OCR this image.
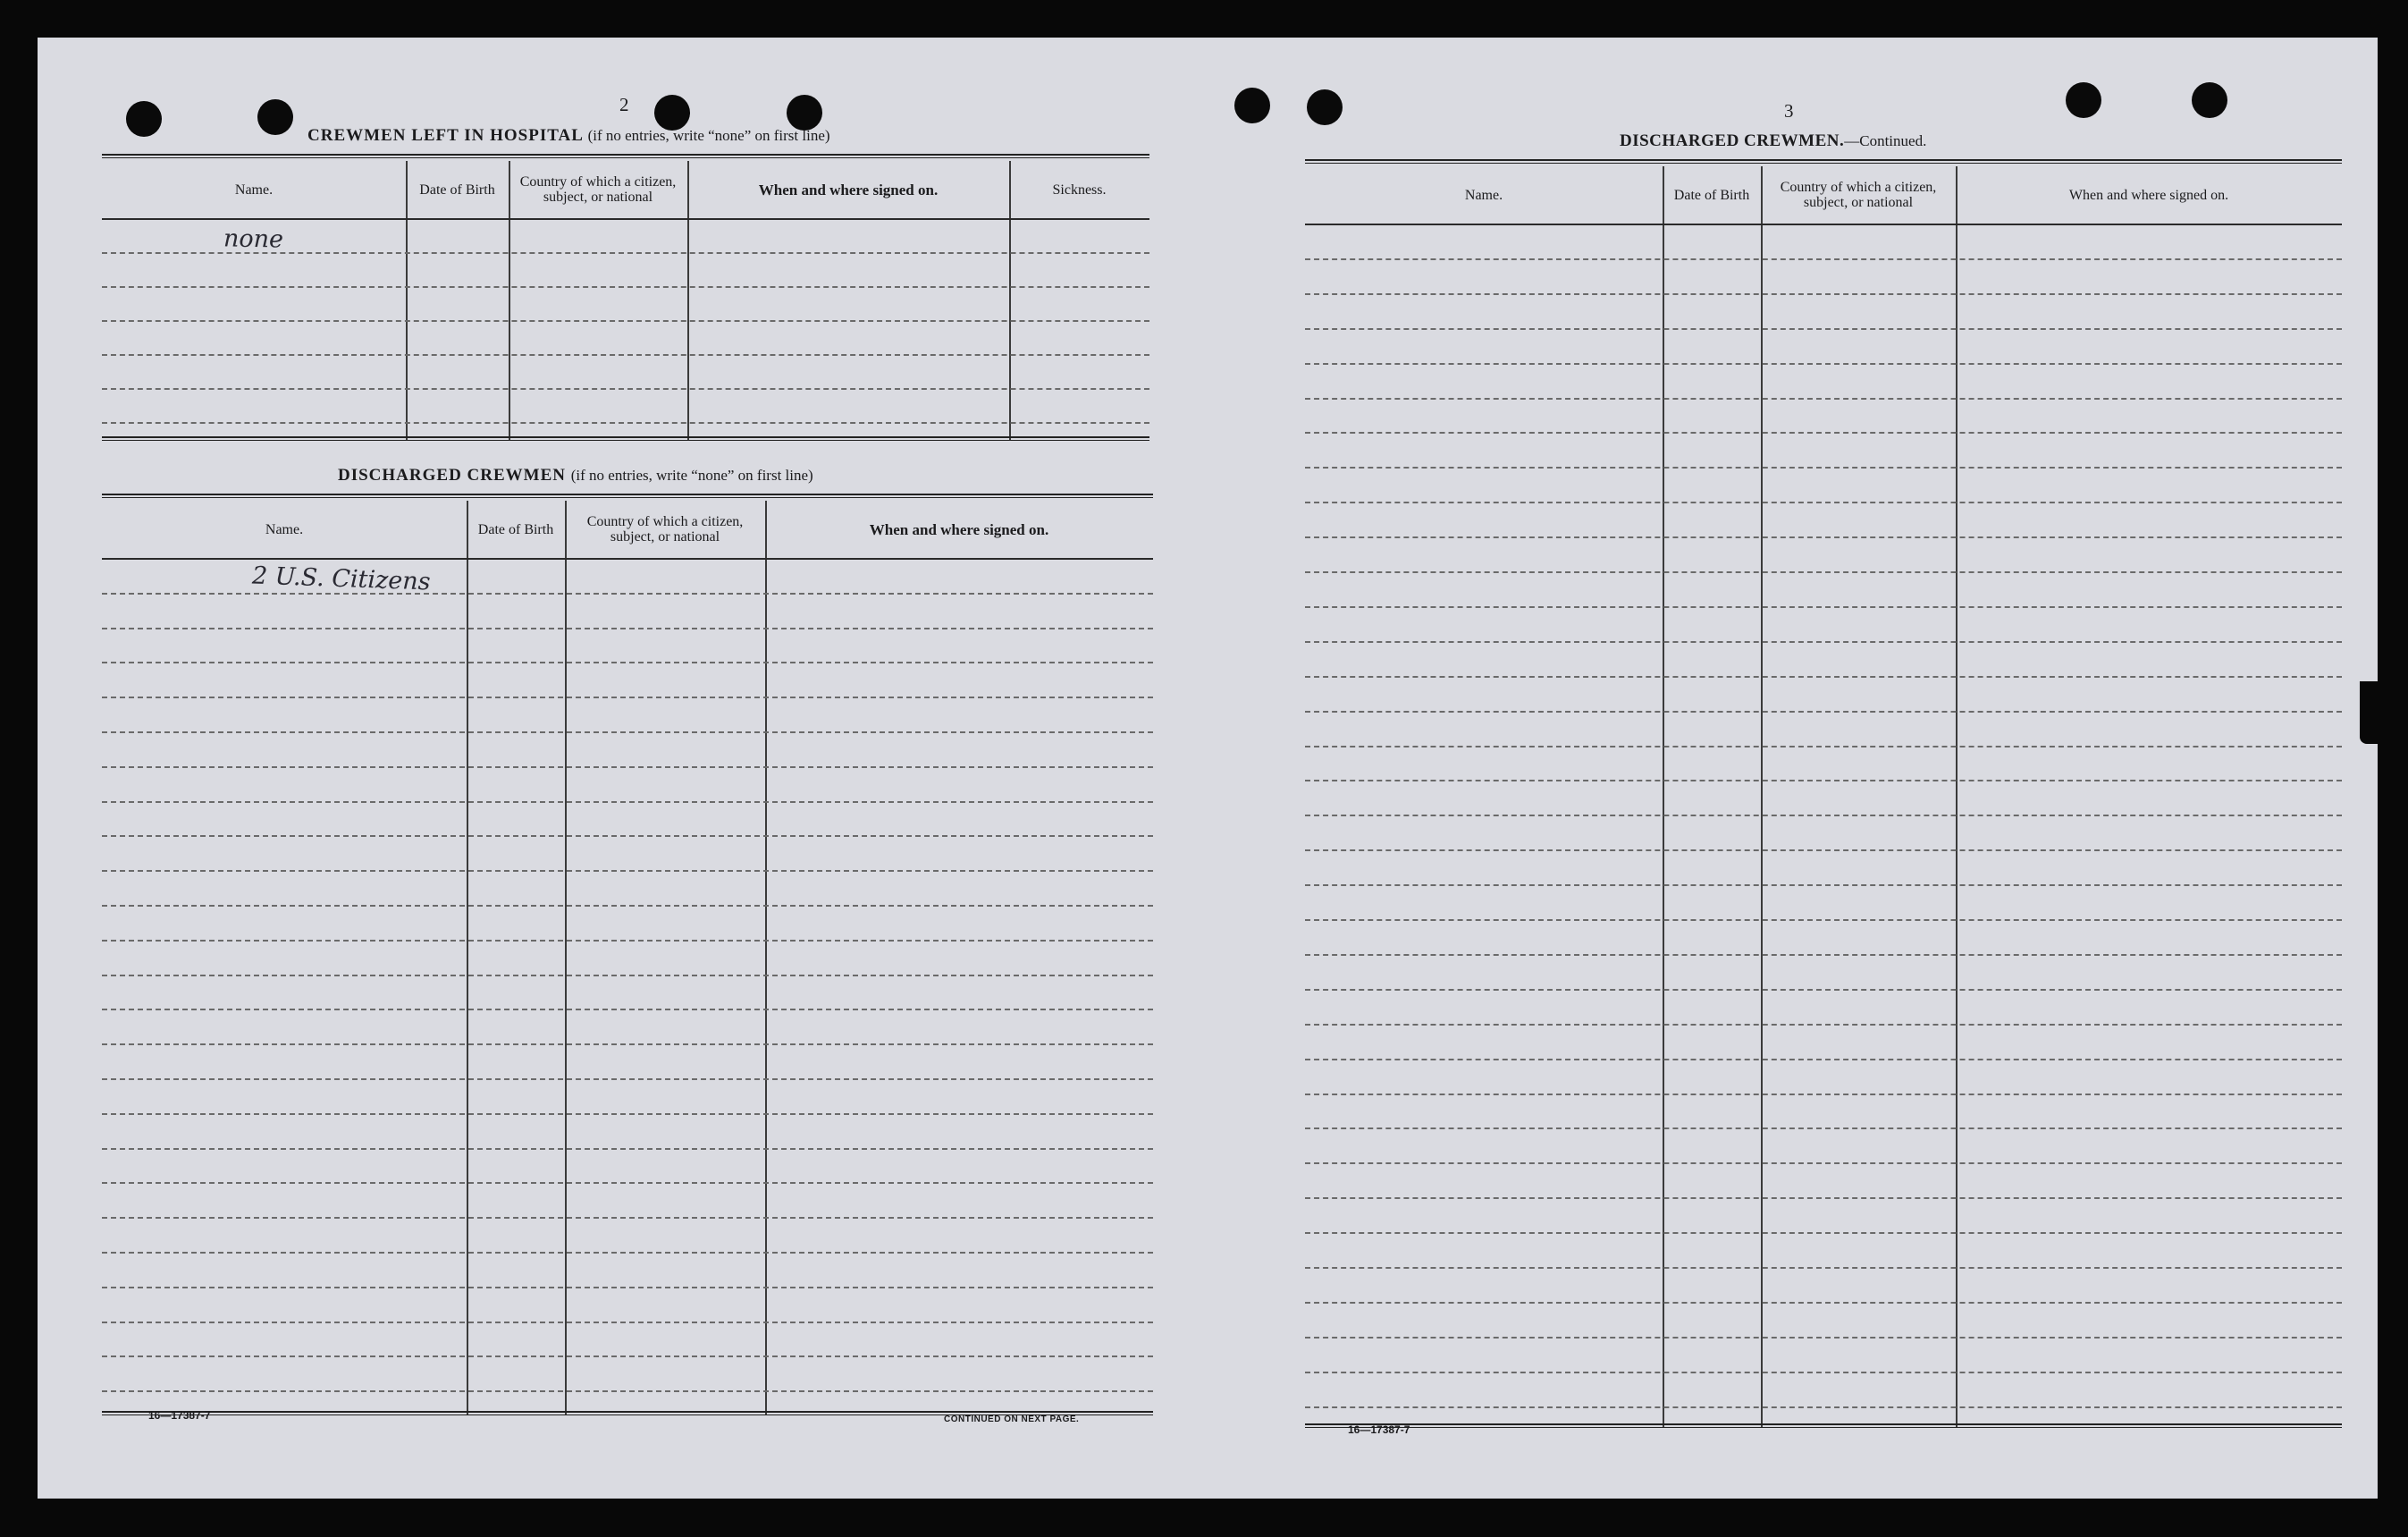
2
CREWMEN LEFT IN HOSPITAL (if no entries, write “none” on first line)
Name.	Date of Birth	Country of which a citizen, subject, or national	When and where signed on.	Sickness.
none
DISCHARGED CREWMEN (if no entries, write “none” on first line)
Name.	Date of Birth	Country of which a citizen, subject, or national	When and where signed on.
2 U.S. Citizens
16—17387-7	CONTINUED ON NEXT PAGE.
3
DISCHARGED CREWMEN.—Continued.
Name.	Date of Birth	Country of which a citizen, subject, or national	When and where signed on.
16—17387-7
